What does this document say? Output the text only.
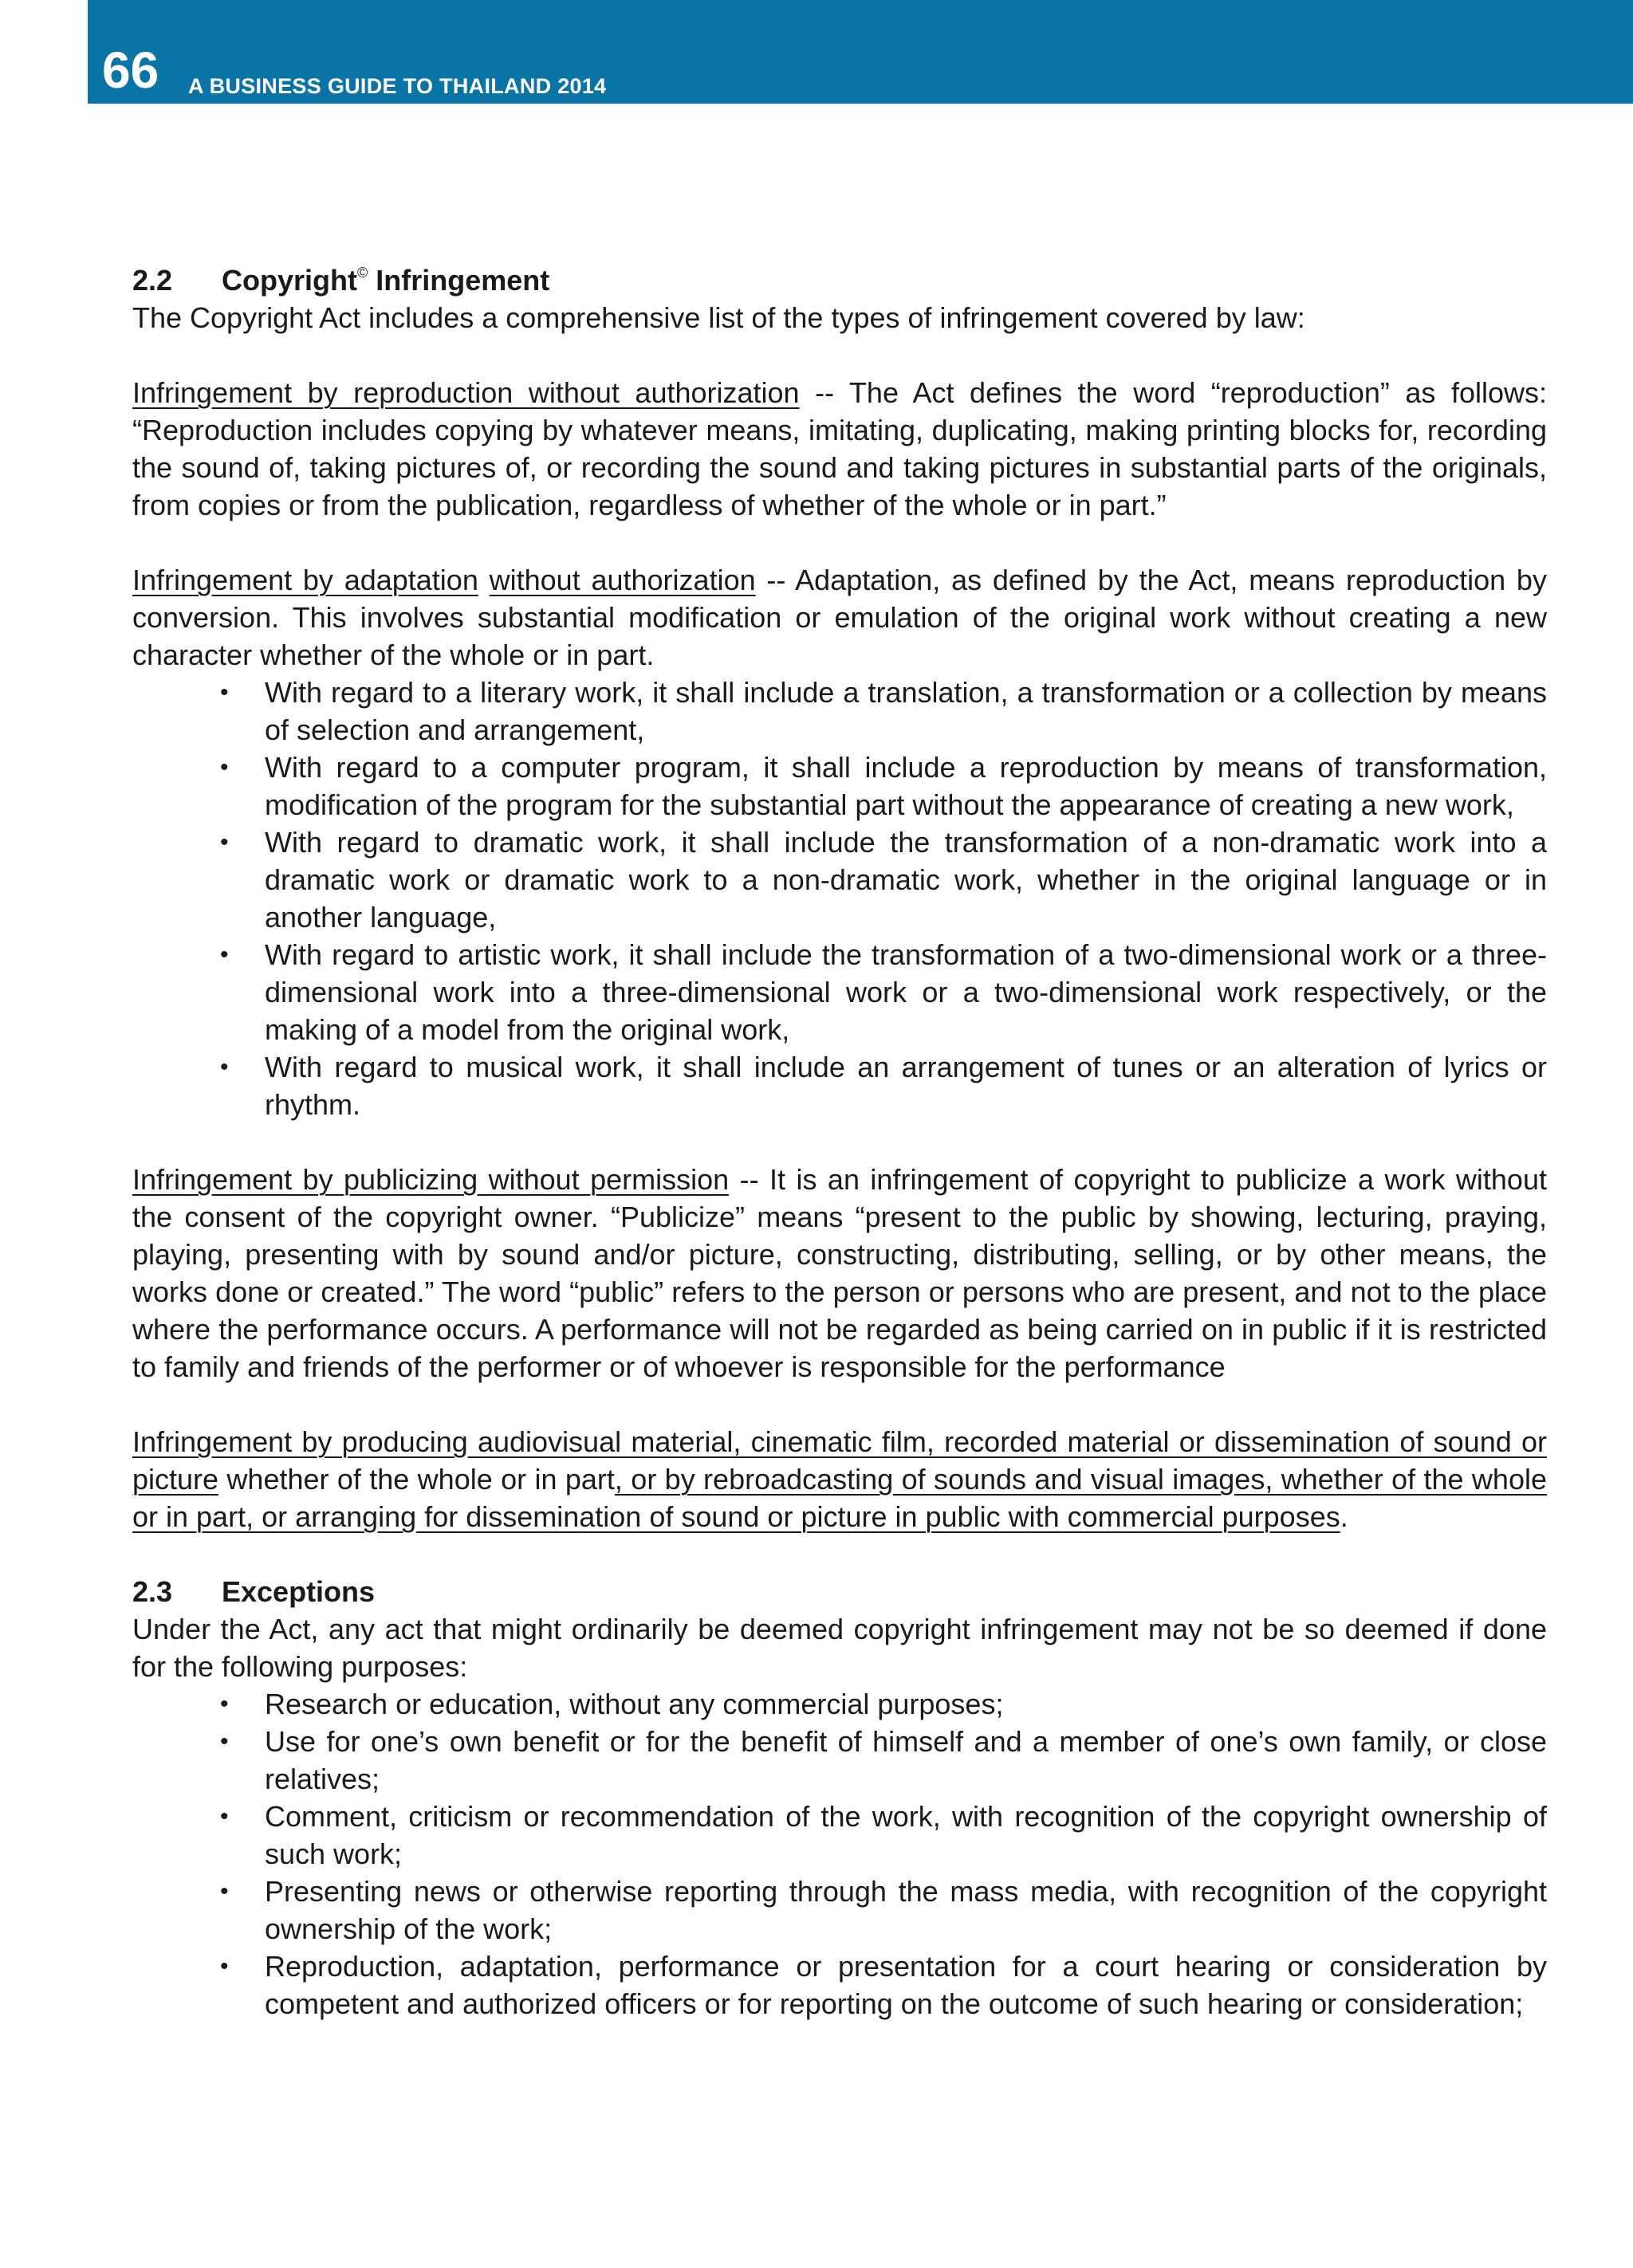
66 A BUSINESS GUIDE TO THAILAND 2014

2.2 Copyright© Infringement

The Copyright Act includes a comprehensive list of the types of infringement covered by law:

Infringement by reproduction without authorization -- The Act defines the word “reproduction” as follows: “Reproduction includes copying by whatever means, imitating, duplicating, making printing blocks for, recording the sound of, taking pictures of, or recording the sound and taking pictures in substantial parts of the originals, from copies or from the publication, regardless of whether of the whole or in part.”

Infringement by adaptation without authorization -- Adaptation, as defined by the Act, means reproduction by conversion. This involves substantial modification or emulation of the original work without creating a new character whether of the whole or in part.

• With regard to a literary work, it shall include a translation, a transformation or a collection by means of selection and arrangement,
• With regard to a computer program, it shall include a reproduction by means of transformation, modification of the program for the substantial part without the appearance of creating a new work,
• With regard to dramatic work, it shall include the transformation of a non-dramatic work into a dramatic work or dramatic work to a non-dramatic work, whether in the original language or in another language,
• With regard to artistic work, it shall include the transformation of a two-dimensional work or a three-dimensional work into a three-dimensional work or a two-dimensional work respectively, or the making of a model from the original work,
• With regard to musical work, it shall include an arrangement of tunes or an alteration of lyrics or rhythm.

Infringement by publicizing without permission -- It is an infringement of copyright to publicize a work without the consent of the copyright owner. “Publicize” means “present to the public by showing, lecturing, praying, playing, presenting with by sound and/or picture, constructing, distributing, selling, or by other means, the works done or created.” The word “public” refers to the person or persons who are present, and not to the place where the performance occurs. A performance will not be regarded as being carried on in public if it is restricted to family and friends of the performer or of whoever is responsible for the performance

Infringement by producing audiovisual material, cinematic film, recorded material or dissemination of sound or picture whether of the whole or in part, or by rebroadcasting of sounds and visual images, whether of the whole or in part, or arranging for dissemination of sound or picture in public with commercial purposes.

2.3 Exceptions

Under the Act, any act that might ordinarily be deemed copyright infringement may not be so deemed if done for the following purposes:

• Research or education, without any commercial purposes;
• Use for one’s own benefit or for the benefit of himself and a member of one’s own family, or close relatives;
• Comment, criticism or recommendation of the work, with recognition of the copyright ownership of such work;
• Presenting news or otherwise reporting through the mass media, with recognition of the copyright ownership of the work;
• Reproduction, adaptation, performance or presentation for a court hearing or consideration by competent and authorized officers or for reporting on the outcome of such hearing or consideration;
